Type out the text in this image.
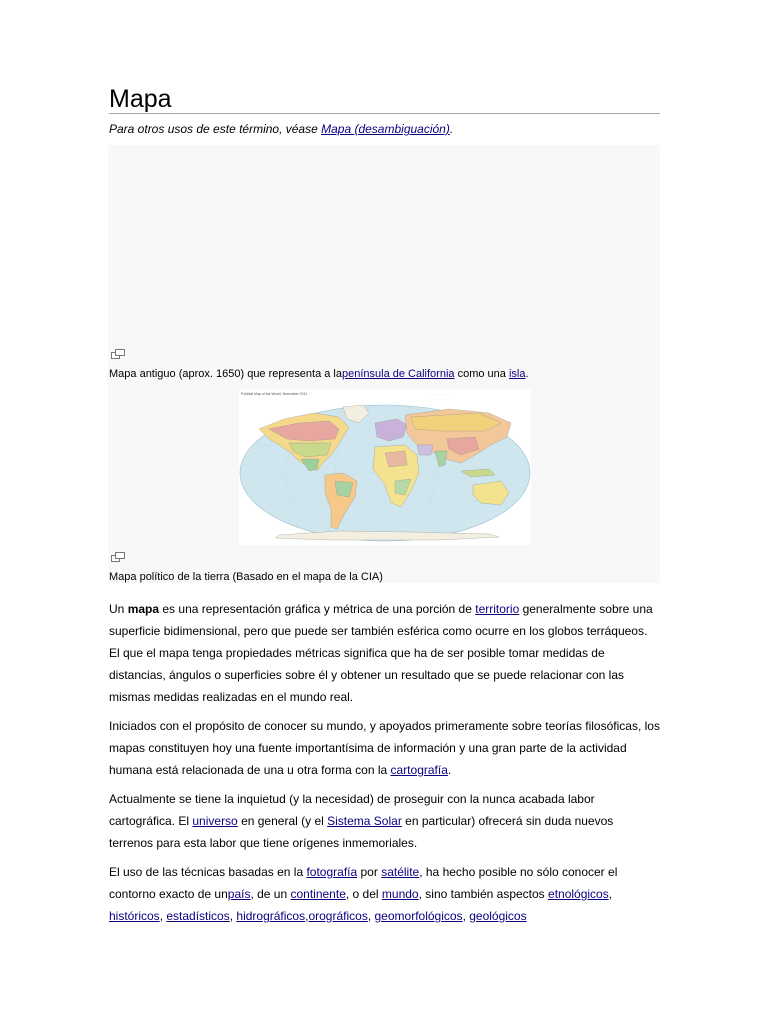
Mapa
Para otros usos de este término, véase Mapa (desambiguación).
Mapa antiguo (aprox. 1650) que representa a lapenínsula de California como una isla.
Political Map of the World, November 2011	· · · · · · · · · · · · · · · · ·
Mapa político de la tierra (Basado en el mapa de la CIA)

Un mapa es una representación gráfica y métrica de una porción de territorio generalmente sobre una superficie bidimensional, pero que puede ser también esférica como ocurre en los globos terráqueos. El que el mapa tenga propiedades métricas significa que ha de ser posible tomar medidas de distancias, ángulos o superficies sobre él y obtener un resultado que se puede relacionar con las mismas medidas realizadas en el mundo real.

Iniciados con el propósito de conocer su mundo, y apoyados primeramente sobre teorías filosóficas, los mapas constituyen hoy una fuente importantísima de información y una gran parte de la actividad humana está relacionada de una u otra forma con la cartografía.

Actualmente se tiene la inquietud (y la necesidad) de proseguir con la nunca acabada labor cartográfica. El universo en general (y el Sistema Solar en particular) ofrecerá sin duda nuevos terrenos para esta labor que tiene orígenes inmemoriales.

El uso de las técnicas basadas en la fotografía por satélite, ha hecho posible no sólo conocer el contorno exacto de unpaís, de un continente, o del mundo, sino también aspectos etnológicos, históricos, estadísticos, hidrográficos,orográficos, geomorfológicos, geológicos
